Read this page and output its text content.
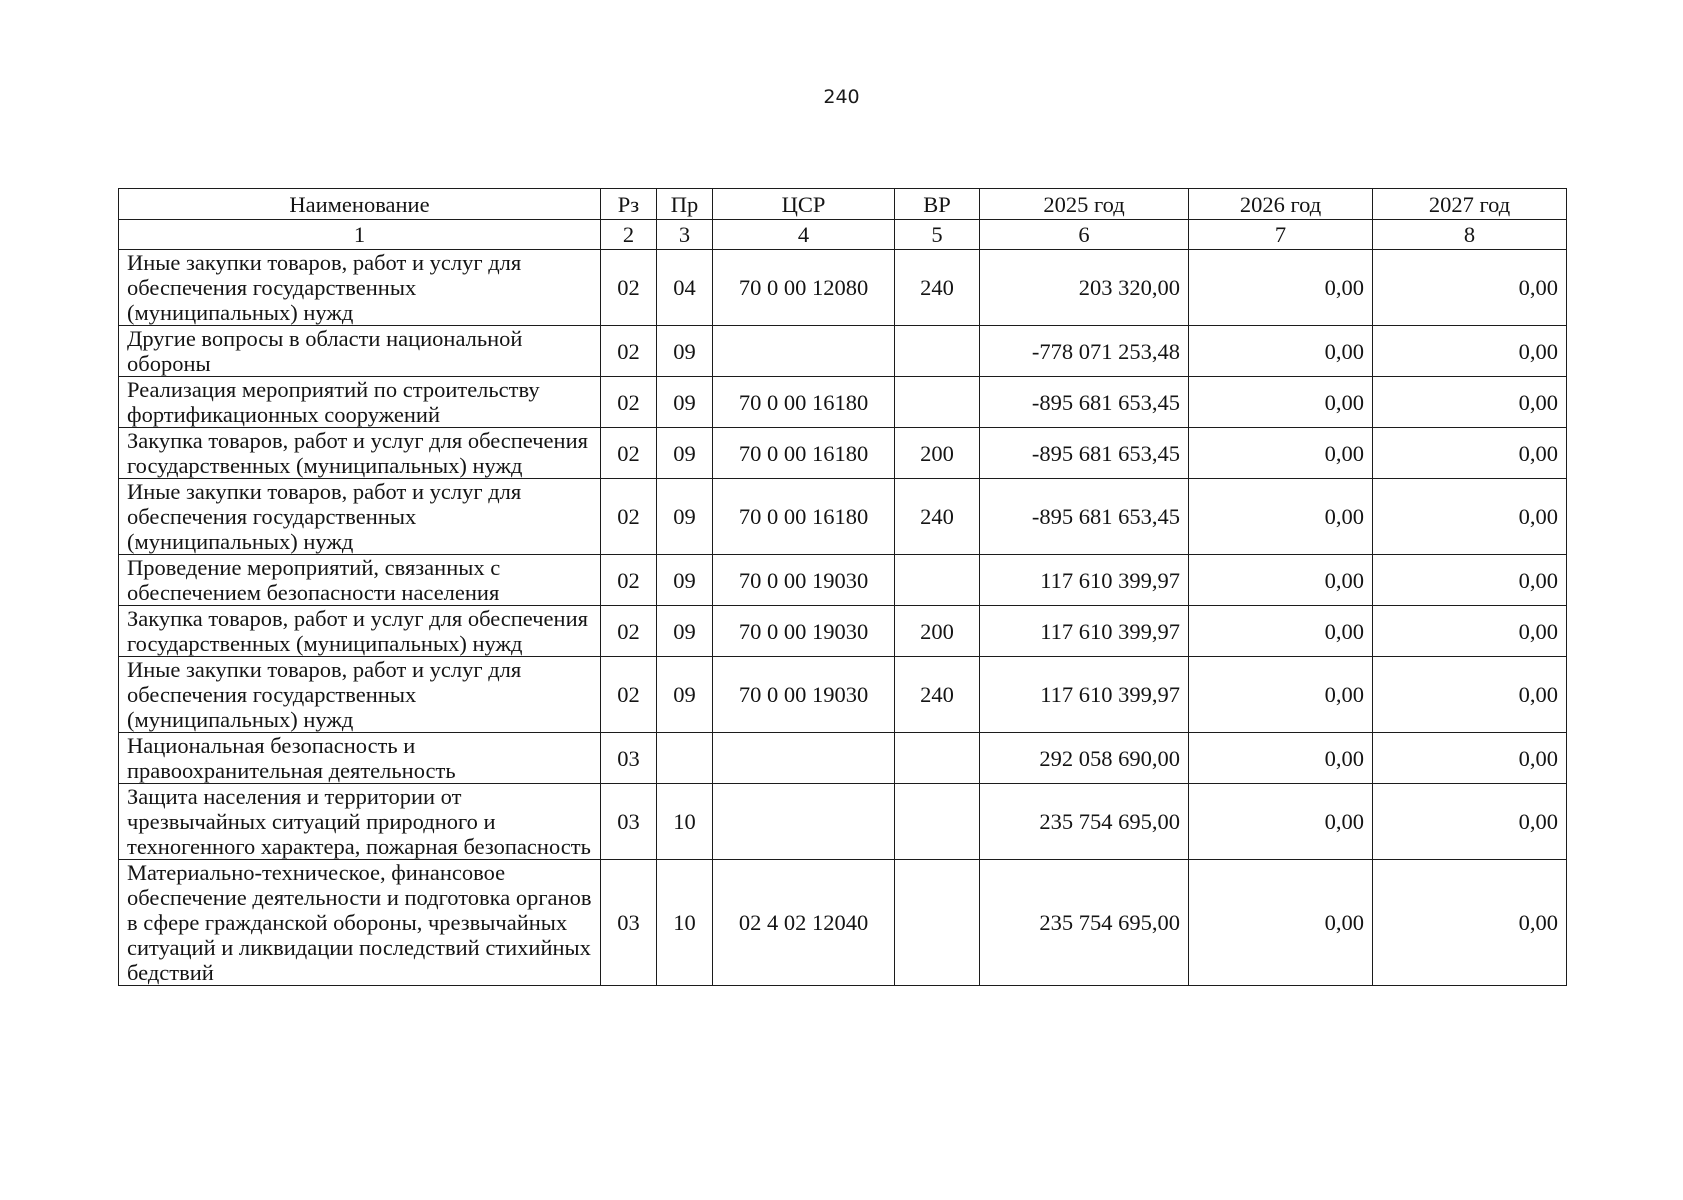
240
Наименование	Рз	Пр	ЦСР	ВР	2025 год	2026 год	2027 год
1	2	3	4	5	6	7	8
Иные закупки товаров, работ и услуг для обеспечения государственных (муниципальных) нужд	02	04	70 0 00 12080	240	203 320,00	0,00	0,00
Другие вопросы в области национальной обороны	02	09			-778 071 253,48	0,00	0,00
Реализация мероприятий по строительству фортификационных сооружений	02	09	70 0 00 16180		-895 681 653,45	0,00	0,00
Закупка товаров, работ и услуг для обеспечения государственных (муниципальных) нужд	02	09	70 0 00 16180	200	-895 681 653,45	0,00	0,00
Иные закупки товаров, работ и услуг для обеспечения государственных (муниципальных) нужд	02	09	70 0 00 16180	240	-895 681 653,45	0,00	0,00
Проведение мероприятий, связанных с обеспечением безопасности населения	02	09	70 0 00 19030		117 610 399,97	0,00	0,00
Закупка товаров, работ и услуг для обеспечения государственных (муниципальных) нужд	02	09	70 0 00 19030	200	117 610 399,97	0,00	0,00
Иные закупки товаров, работ и услуг для обеспечения государственных (муниципальных) нужд	02	09	70 0 00 19030	240	117 610 399,97	0,00	0,00
Национальная безопасность и правоохранительная деятельность	03				292 058 690,00	0,00	0,00
Защита населения и территории от чрезвычайных ситуаций природного и техногенного характера, пожарная безопасность	03	10			235 754 695,00	0,00	0,00
Материально-техническое, финансовое обеспечение деятельности и подготовка органов в сфере гражданской обороны, чрезвычайных ситуаций и ликвидации последствий стихийных бедствий	03	10	02 4 02 12040		235 754 695,00	0,00	0,00
